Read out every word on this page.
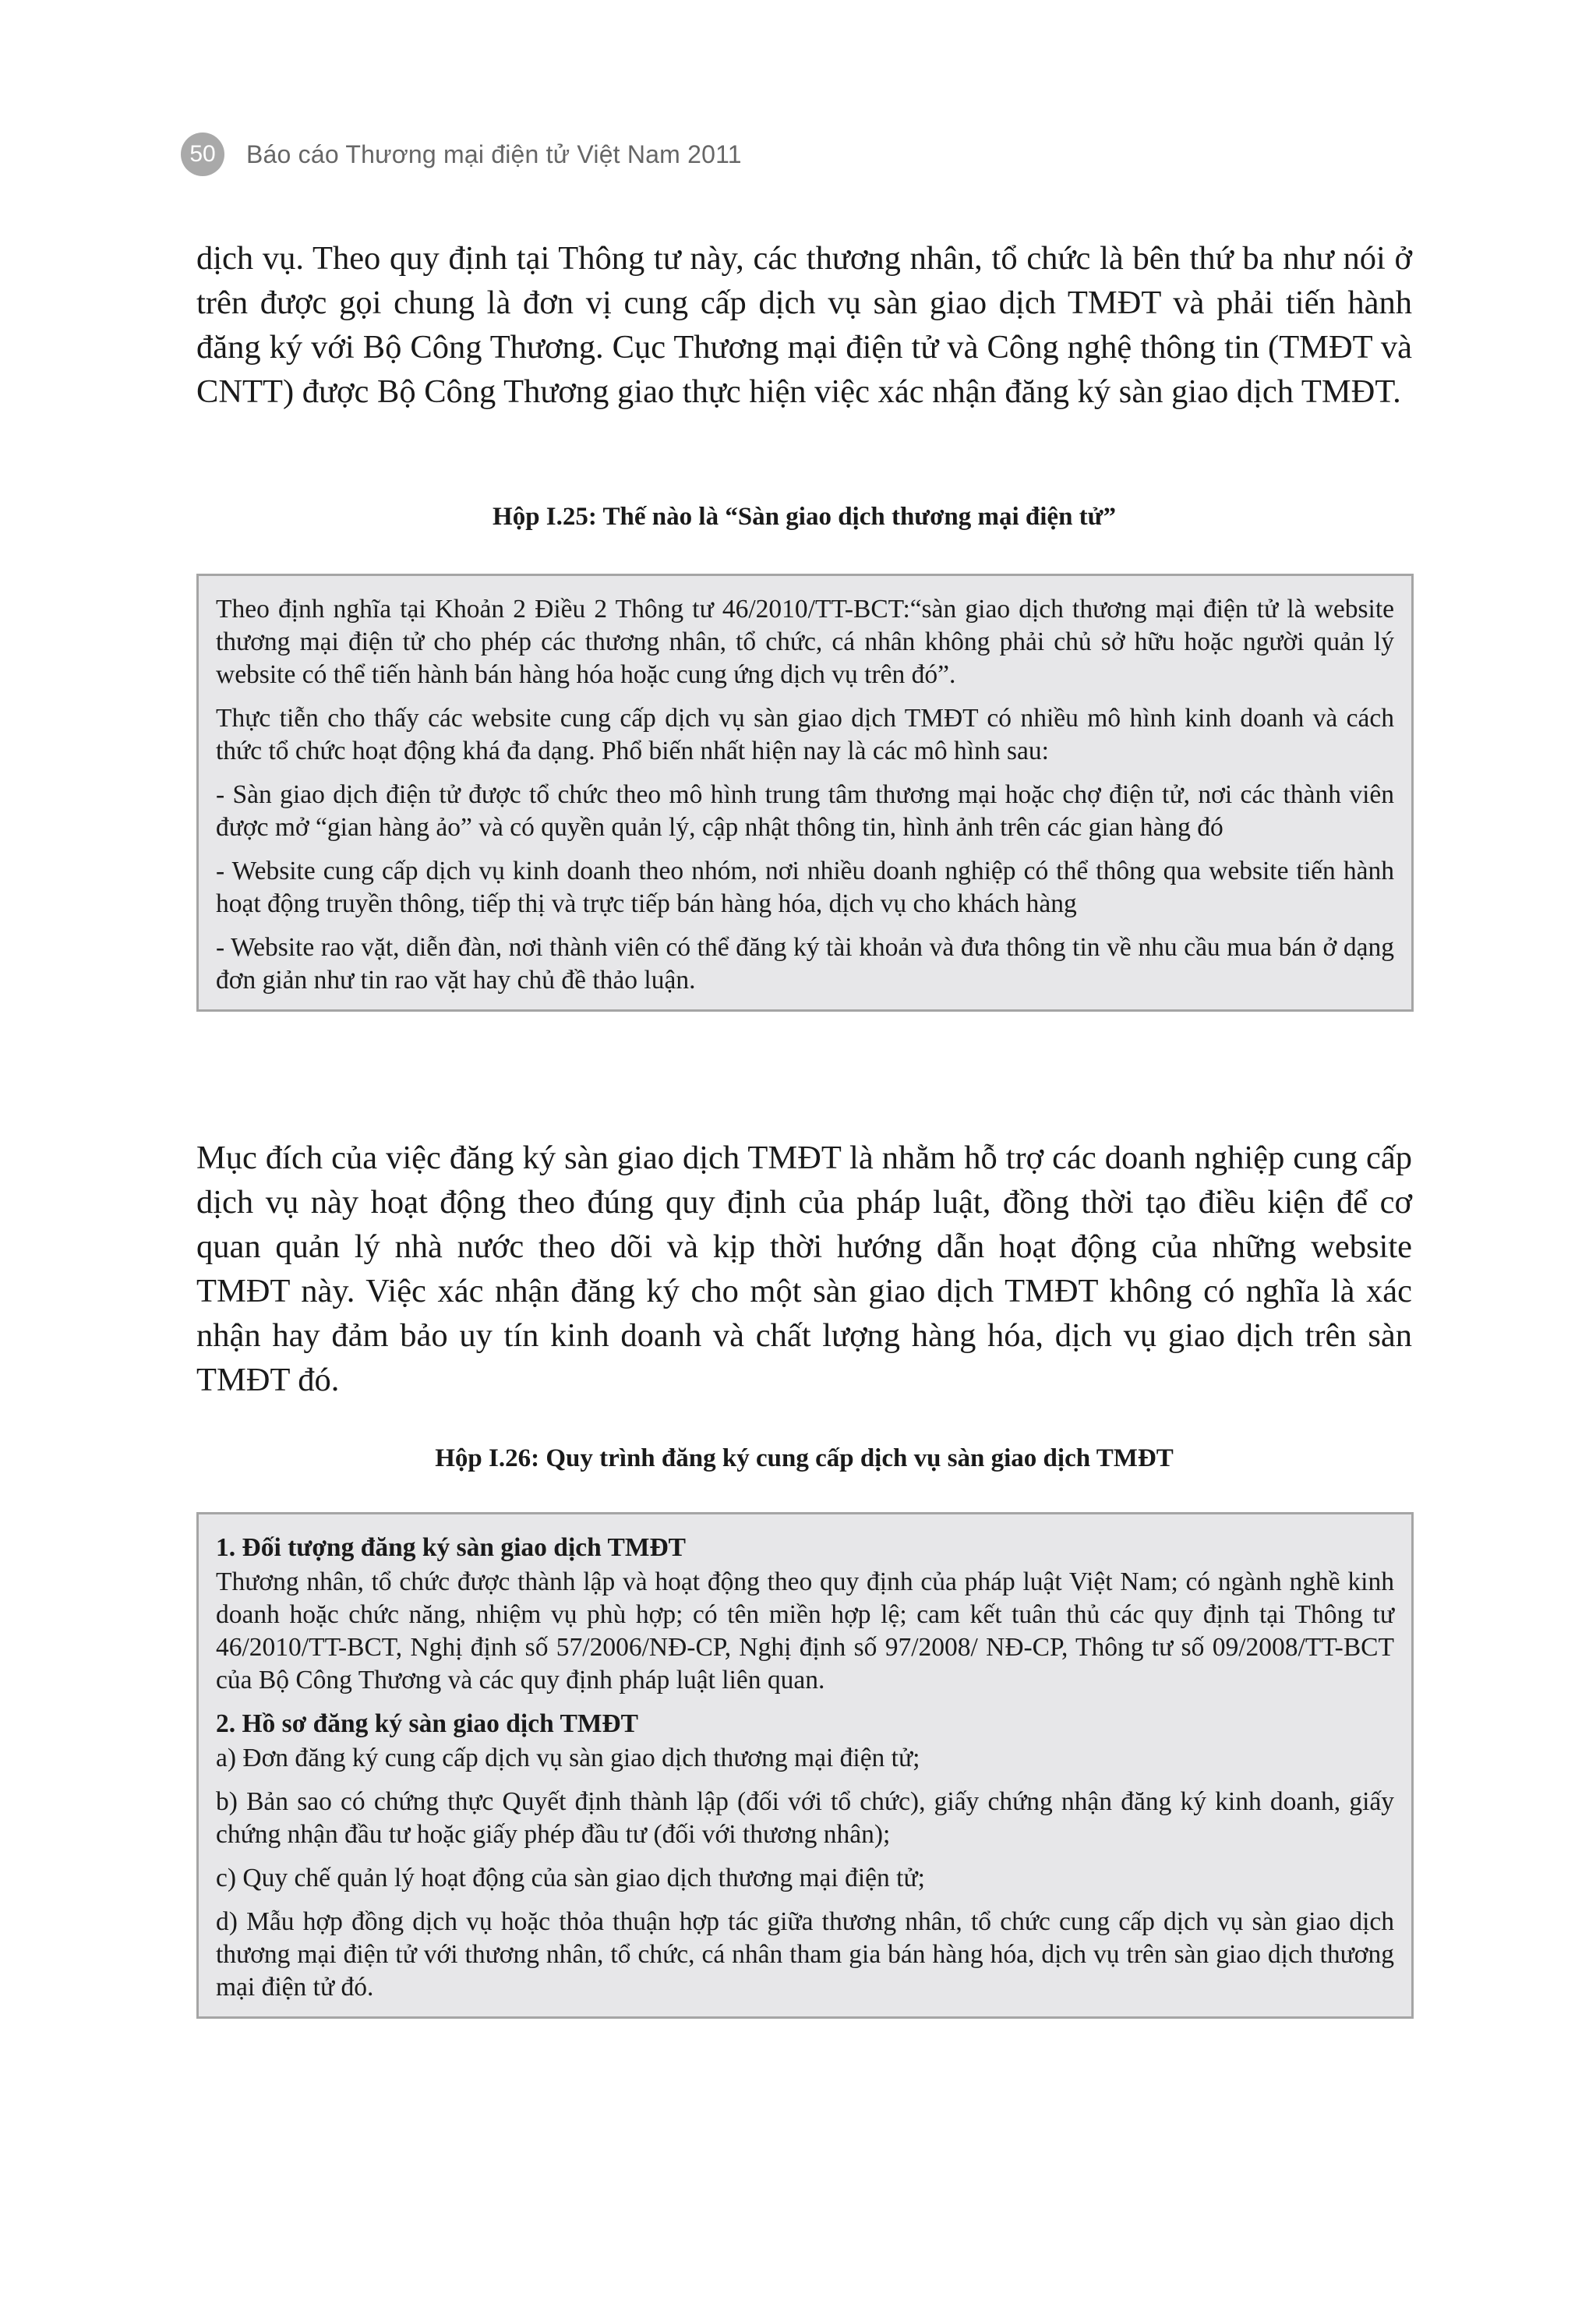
50	Báo cáo Thương mại điện tử Việt Nam 2011

dịch vụ. Theo quy định tại Thông tư này, các thương nhân, tổ chức là bên thứ ba như nói ở trên được gọi chung là đơn vị cung cấp dịch vụ sàn giao dịch TMĐT và phải tiến hành đăng ký với Bộ Công Thương. Cục Thương mại điện tử và Công nghệ thông tin (TMĐT và CNTT) được Bộ Công Thương giao thực hiện việc xác nhận đăng ký sàn giao dịch TMĐT.

Hộp I.25: Thế nào là “Sàn giao dịch thương mại điện tử”

Theo định nghĩa tại Khoản 2 Điều 2 Thông tư 46/2010/TT-BCT:“sàn giao dịch thương mại điện tử là website thương mại điện tử cho phép các thương nhân, tổ chức, cá nhân không phải chủ sở hữu hoặc người quản lý website có thể tiến hành bán hàng hóa hoặc cung ứng dịch vụ trên đó”.

Thực tiễn cho thấy các website cung cấp dịch vụ sàn giao dịch TMĐT có nhiều mô hình kinh doanh và cách thức tổ chức hoạt động khá đa dạng. Phổ biến nhất hiện nay là các mô hình sau:

- Sàn giao dịch điện tử được tổ chức theo mô hình trung tâm thương mại hoặc chợ điện tử, nơi các thành viên được mở “gian hàng ảo” và có quyền quản lý, cập nhật thông tin, hình ảnh trên các gian hàng đó

- Website cung cấp dịch vụ kinh doanh theo nhóm, nơi nhiều doanh nghiệp có thể thông qua website tiến hành hoạt động truyền thông, tiếp thị và trực tiếp bán hàng hóa, dịch vụ cho khách hàng

- Website rao vặt, diễn đàn, nơi thành viên có thể đăng ký tài khoản và đưa thông tin về nhu cầu mua bán ở dạng đơn giản như tin rao vặt hay chủ đề thảo luận.

Mục đích của việc đăng ký sàn giao dịch TMĐT là nhằm hỗ trợ các doanh nghiệp cung cấp dịch vụ này hoạt động theo đúng quy định của pháp luật, đồng thời tạo điều kiện để cơ quan quản lý nhà nước theo dõi và kịp thời hướng dẫn hoạt động của những website TMĐT này. Việc xác nhận đăng ký cho một sàn giao dịch TMĐT không có nghĩa là xác nhận hay đảm bảo uy tín kinh doanh và chất lượng hàng hóa, dịch vụ giao dịch trên sàn TMĐT đó.

Hộp I.26: Quy trình đăng ký cung cấp dịch vụ sàn giao dịch TMĐT

1. Đối tượng đăng ký sàn giao dịch TMĐT

Thương nhân, tổ chức được thành lập và hoạt động theo quy định của pháp luật Việt Nam; có ngành nghề kinh doanh hoặc chức năng, nhiệm vụ phù hợp; có tên miền hợp lệ; cam kết tuân thủ các quy định tại Thông tư 46/2010/TT-BCT, Nghị định số 57/2006/NĐ-CP, Nghị định số 97/2008/ NĐ-CP, Thông tư số 09/2008/TT-BCT của Bộ Công Thương và các quy định pháp luật liên quan.

2. Hồ sơ đăng ký sàn giao dịch TMĐT

a) Đơn đăng ký cung cấp dịch vụ sàn giao dịch thương mại điện tử;

b) Bản sao có chứng thực Quyết định thành lập (đối với tổ chức), giấy chứng nhận đăng ký kinh doanh, giấy chứng nhận đầu tư hoặc giấy phép đầu tư (đối với thương nhân);

c) Quy chế quản lý hoạt động của sàn giao dịch thương mại điện tử;

d) Mẫu hợp đồng dịch vụ hoặc thỏa thuận hợp tác giữa thương nhân, tổ chức cung cấp dịch vụ sàn giao dịch thương mại điện tử với thương nhân, tổ chức, cá nhân tham gia bán hàng hóa, dịch vụ trên sàn giao dịch thương mại điện tử đó.
